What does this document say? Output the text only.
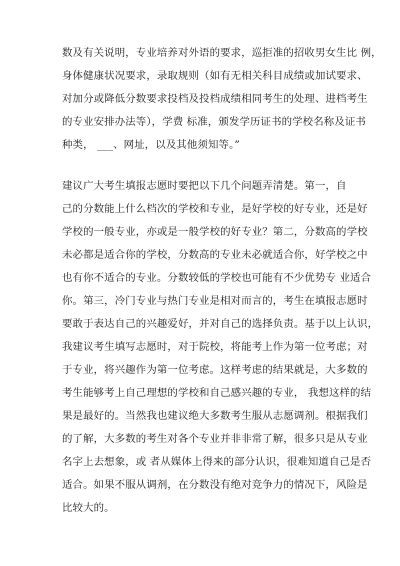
数及有关说明，专业培养对外语的要求，巡拒准的招收男女生比 例，
身体健康状况要求，录取规则（如有无相关科目成绩或加试要求、
对加分或降低分数要求投档及投档成绩相同考生的处理、进档考生
的专业安排办法等），学费 标准，颁发学历证书的学校名称及证书
种类， ___、网址，以及其他须知等。”
建议广大考生填报志愿时要把以下几个问题弄清楚。第一，自
己的分数能上什么档次的学校和专业，是好学校的好专业，还是好
学校的一般专业，亦或是一般学校的好专业？第二，分数高的学校
未必都是适合你的学校，分数高的专业未必就适合你，好学校之中
也有你不适合的专业。分数较低的学校也可能有不少优势专 业适合
你。第三，冷门专业与热门专业是相对而言的，考生在填报志愿时
要敢于表达自己的兴趣爱好，并对自己的选择负责。基于以上认识，
我建议考生填写志愿时，对于院校，将能考上作为第一位考虑；对
于专业，将兴趣作为第一位考虑。这样考虑的结果就是，大多数的
考生能够考上自己理想的学校和自己感兴趣的专业， 我想这样的结
果是最好的。当然我也建议绝大多数考生服从志愿调剂。根据我们
的了解，大多数的考生对各个专业并非非常了解，很多只是从专业
名字上去想象，或 者从媒体上得来的部分认识，很难知道自己是否
适合。如果不服从调剂，在分数没有绝对竞争力的情况下，风险是
比较大的。
